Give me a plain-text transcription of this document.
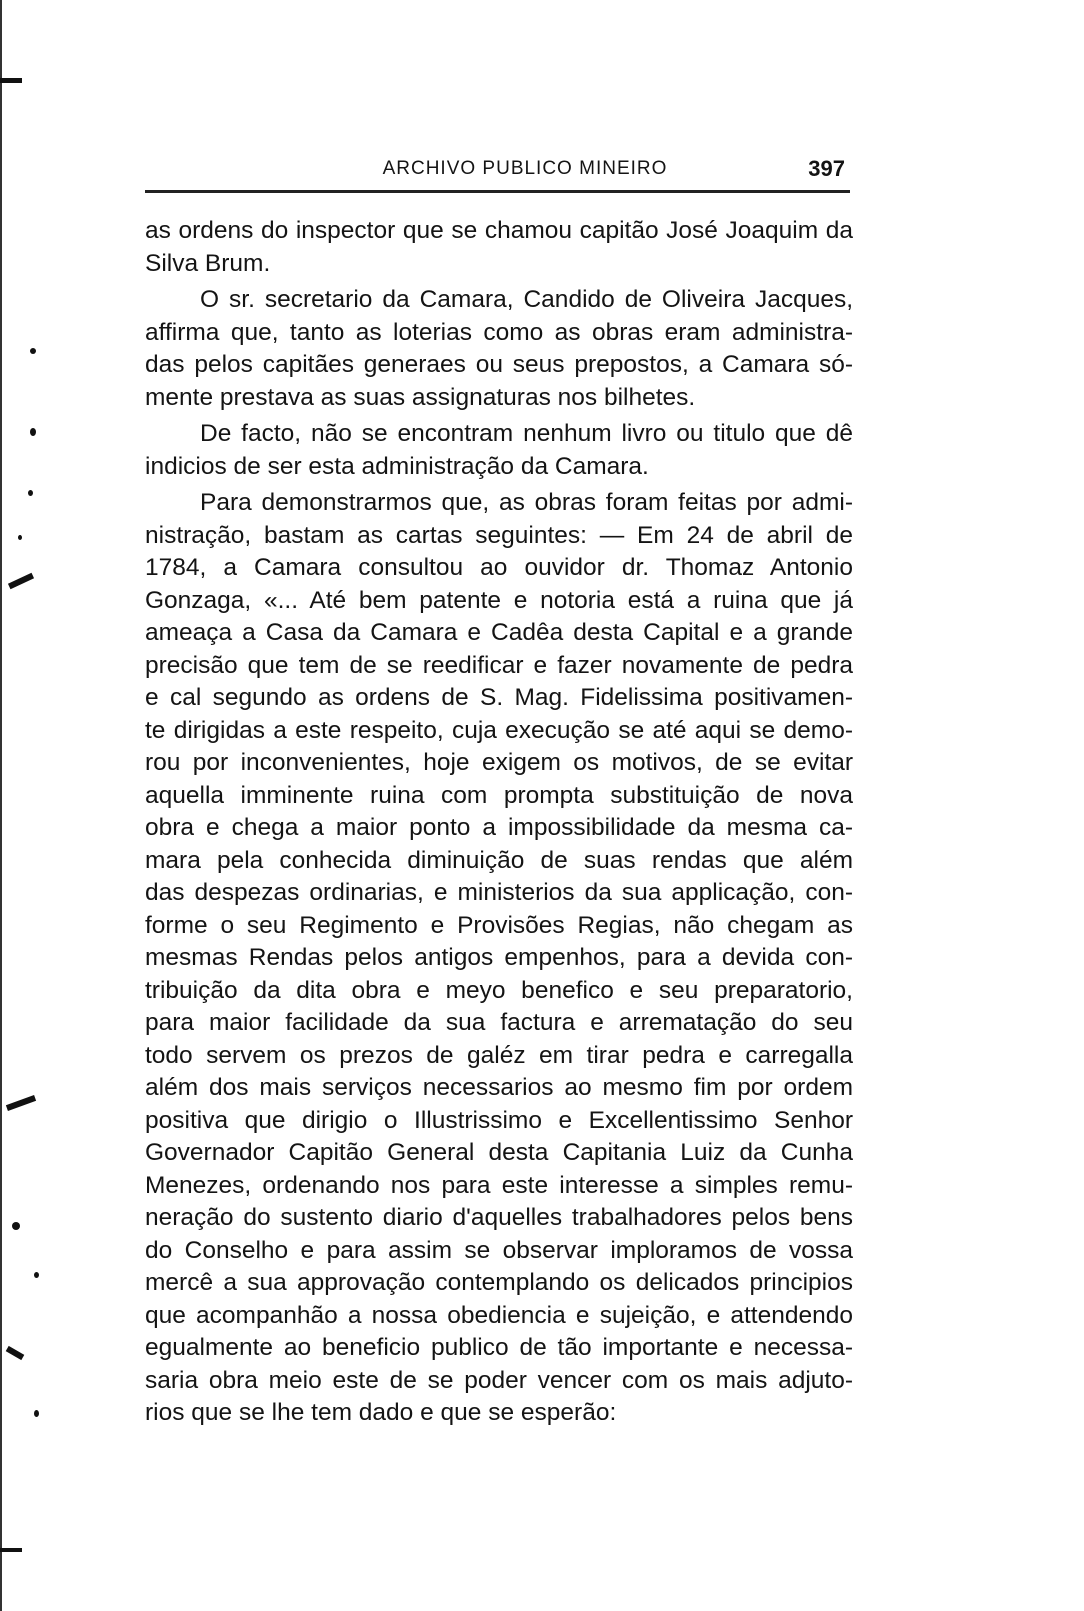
ARCHIVO PUBLICO MINEIRO	397
as ordens do inspector que se chamou capitão José Joaquim da
Silva Brum.
O sr. secretario da Camara, Candido de Oliveira Jacques,
affirma que, tanto as loterias como as obras eram administra-
das pelos capitães generaes ou seus prepostos, a Camara só-
mente prestava as suas assignaturas nos bilhetes.
De facto, não se encontram nenhum livro ou titulo que dê
indicios de ser esta administração da Camara.
Para demonstrarmos que, as obras foram feitas por admi-
nistração, bastam as cartas seguintes: — Em 24 de abril de
1784, a Camara consultou ao ouvidor dr. Thomaz Antonio
Gonzaga, «... Até bem patente e notoria está a ruina que já
ameaça a Casa da Camara e Cadêa desta Capital e a grande
precisão que tem de se reedificar e fazer novamente de pedra
e cal segundo as ordens de S. Mag. Fidelissima positivamen-
te dirigidas a este respeito, cuja execução se até aqui se demo-
rou por inconvenientes, hoje exigem os motivos, de se evitar
aquella imminente ruina com prompta substituição de nova
obra e chega a maior ponto a impossibilidade da mesma ca-
mara pela conhecida diminuição de suas rendas que além
das despezas ordinarias, e ministerios da sua applicação, con-
forme o seu Regimento e Provisões Regias, não chegam as
mesmas Rendas pelos antigos empenhos, para a devida con-
tribuição da dita obra e meyo benefico e seu preparatorio,
para maior facilidade da sua factura e arrematação do seu
todo servem os prezos de galéz em tirar pedra e carregalla
além dos mais serviços necessarios ao mesmo fim por ordem
positiva que dirigio o Illustrissimo e Excellentissimo Senhor
Governador Capitão General desta Capitania Luiz da Cunha
Menezes, ordenando nos para este interesse a simples remu-
neração do sustento diario d'aquelles trabalhadores pelos bens
do Conselho e para assim se observar imploramos de vossa
mercê a sua approvação contemplando os delicados principios
que acompanhão a nossa obediencia e sujeição, e attendendo
egualmente ao beneficio publico de tão importante e necessa-
saria obra meio este de se poder vencer com os mais adjuto-
rios que se lhe tem dado e que se esperão:
